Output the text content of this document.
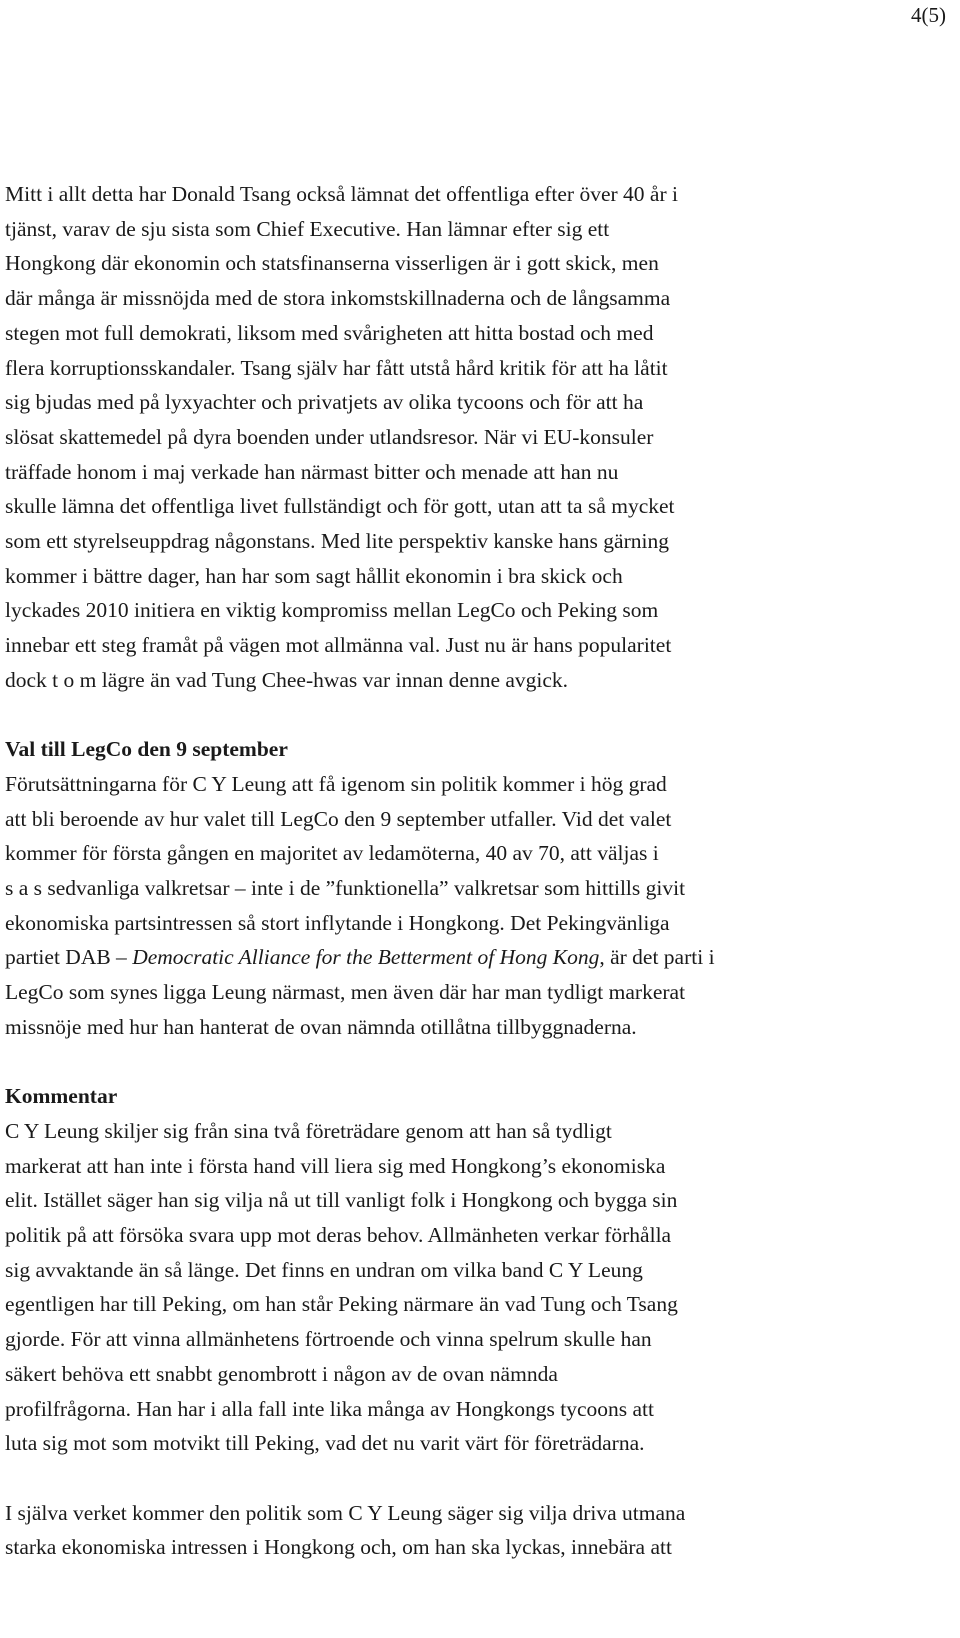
4(5)

Mitt i allt detta har Donald Tsang också lämnat det offentliga efter över 40 år i

tjänst, varav de sju sista som Chief Executive. Han lämnar efter sig ett

Hongkong där ekonomin och statsfinanserna visserligen är i gott skick, men

där många är missnöjda med de stora inkomstskillnaderna och de långsamma

stegen mot full demokrati, liksom med svårigheten att hitta bostad och med

flera korruptionsskandaler. Tsang själv har fått utstå hård kritik för att ha låtit

sig bjudas med på lyxyachter och privatjets av olika tycoons och för att ha

slösat skattemedel på dyra boenden under utlandsresor. När vi EU-konsuler

träffade honom i maj verkade han närmast bitter och menade att han nu

skulle lämna det offentliga livet fullständigt och för gott, utan att ta så mycket

som ett styrelseuppdrag någonstans. Med lite perspektiv kanske hans gärning

kommer i bättre dager, han har som sagt hållit ekonomin i bra skick och

lyckades 2010 initiera en viktig kompromiss mellan LegCo och Peking som

innebar ett steg framåt på vägen mot allmänna val. Just nu är hans popularitet

dock t o m lägre än vad Tung Chee-hwas var innan denne avgick.

Val till LegCo den 9 september

Förutsättningarna för C Y Leung att få igenom sin politik kommer i hög grad

att bli beroende av hur valet till LegCo den 9 september utfaller. Vid det valet

kommer för första gången en majoritet av ledamöterna, 40 av 70, att väljas i

s a s sedvanliga valkretsar – inte i de ”funktionella” valkretsar som hittills givit

ekonomiska partsintressen så stort inflytande i Hongkong. Det Pekingvänliga

partiet DAB – Democratic Alliance for the Betterment of Hong Kong, är det parti i

LegCo som synes ligga Leung närmast, men även där har man tydligt markerat

missnöje med hur han hanterat de ovan nämnda otillåtna tillbyggnaderna.

Kommentar

C Y Leung skiljer sig från sina två företrädare genom att han så tydligt

markerat att han inte i första hand vill liera sig med Hongkong’s ekonomiska

elit. Istället säger han sig vilja nå ut till vanligt folk i Hongkong och bygga sin

politik på att försöka svara upp mot deras behov. Allmänheten verkar förhålla

sig avvaktande än så länge. Det finns en undran om vilka band C Y Leung

egentligen har till Peking, om han står Peking närmare än vad Tung och Tsang

gjorde. För att vinna allmänhetens förtroende och vinna spelrum skulle han

säkert behöva ett snabbt genombrott i någon av de ovan nämnda

profilfrågorna. Han har i alla fall inte lika många av Hongkongs tycoons att

luta sig mot som motvikt till Peking, vad det nu varit värt för företrädarna.

I själva verket kommer den politik som C Y Leung säger sig vilja driva utmana

starka ekonomiska intressen i Hongkong och, om han ska lyckas, innebära att
